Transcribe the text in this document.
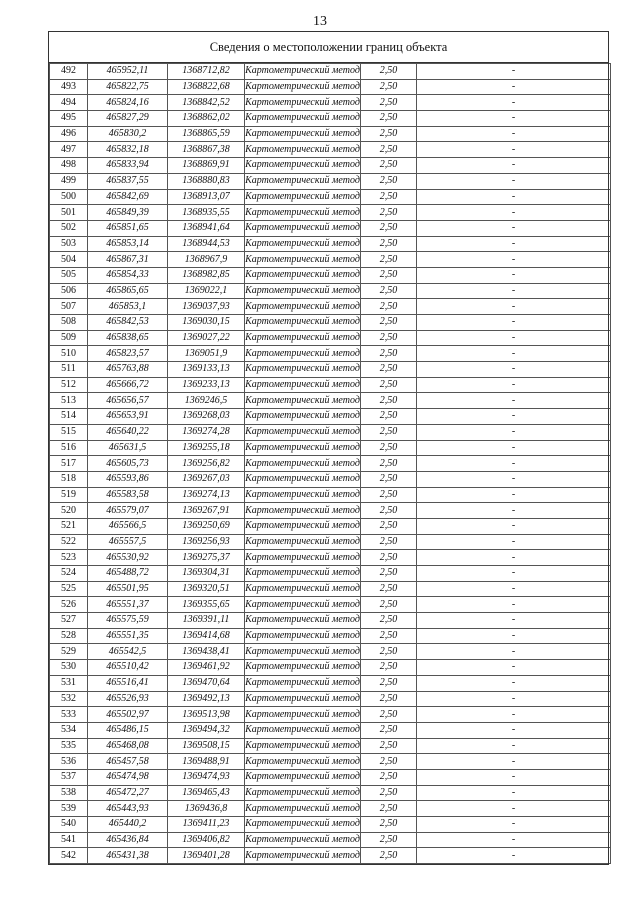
13
Сведения о местоположении границ объекта

492	465952,11	1368712,82	Картометрический метод	2,50	-
493	465822,75	1368822,68	Картометрический метод	2,50	-
494	465824,16	1368842,52	Картометрический метод	2,50	-
495	465827,29	1368862,02	Картометрический метод	2,50	-
496	465830,2	1368865,59	Картометрический метод	2,50	-
497	465832,18	1368867,38	Картометрический метод	2,50	-
498	465833,94	1368869,91	Картометрический метод	2,50	-
499	465837,55	1368880,83	Картометрический метод	2,50	-
500	465842,69	1368913,07	Картометрический метод	2,50	-
501	465849,39	1368935,55	Картометрический метод	2,50	-
502	465851,65	1368941,64	Картометрический метод	2,50	-
503	465853,14	1368944,53	Картометрический метод	2,50	-
504	465867,31	1368967,9	Картометрический метод	2,50	-
505	465854,33	1368982,85	Картометрический метод	2,50	-
506	465865,65	1369022,1	Картометрический метод	2,50	-
507	465853,1	1369037,93	Картометрический метод	2,50	-
508	465842,53	1369030,15	Картометрический метод	2,50	-
509	465838,65	1369027,22	Картометрический метод	2,50	-
510	465823,57	1369051,9	Картометрический метод	2,50	-
511	465763,88	1369133,13	Картометрический метод	2,50	-
512	465666,72	1369233,13	Картометрический метод	2,50	-
513	465656,57	1369246,5	Картометрический метод	2,50	-
514	465653,91	1369268,03	Картометрический метод	2,50	-
515	465640,22	1369274,28	Картометрический метод	2,50	-
516	465631,5	1369255,18	Картометрический метод	2,50	-
517	465605,73	1369256,82	Картометрический метод	2,50	-
518	465593,86	1369267,03	Картометрический метод	2,50	-
519	465583,58	1369274,13	Картометрический метод	2,50	-
520	465579,07	1369267,91	Картометрический метод	2,50	-
521	465566,5	1369250,69	Картометрический метод	2,50	-
522	465557,5	1369256,93	Картометрический метод	2,50	-
523	465530,92	1369275,37	Картометрический метод	2,50	-
524	465488,72	1369304,31	Картометрический метод	2,50	-
525	465501,95	1369320,51	Картометрический метод	2,50	-
526	465551,37	1369355,65	Картометрический метод	2,50	-
527	465575,59	1369391,11	Картометрический метод	2,50	-
528	465551,35	1369414,68	Картометрический метод	2,50	-
529	465542,5	1369438,41	Картометрический метод	2,50	-
530	465510,42	1369461,92	Картометрический метод	2,50	-
531	465516,41	1369470,64	Картометрический метод	2,50	-
532	465526,93	1369492,13	Картометрический метод	2,50	-
533	465502,97	1369513,98	Картометрический метод	2,50	-
534	465486,15	1369494,32	Картометрический метод	2,50	-
535	465468,08	1369508,15	Картометрический метод	2,50	-
536	465457,58	1369488,91	Картометрический метод	2,50	-
537	465474,98	1369474,93	Картометрический метод	2,50	-
538	465472,27	1369465,43	Картометрический метод	2,50	-
539	465443,93	1369436,8	Картометрический метод	2,50	-
540	465440,2	1369411,23	Картометрический метод	2,50	-
541	465436,84	1369406,82	Картометрический метод	2,50	-
542	465431,38	1369401,28	Картометрический метод	2,50	-
